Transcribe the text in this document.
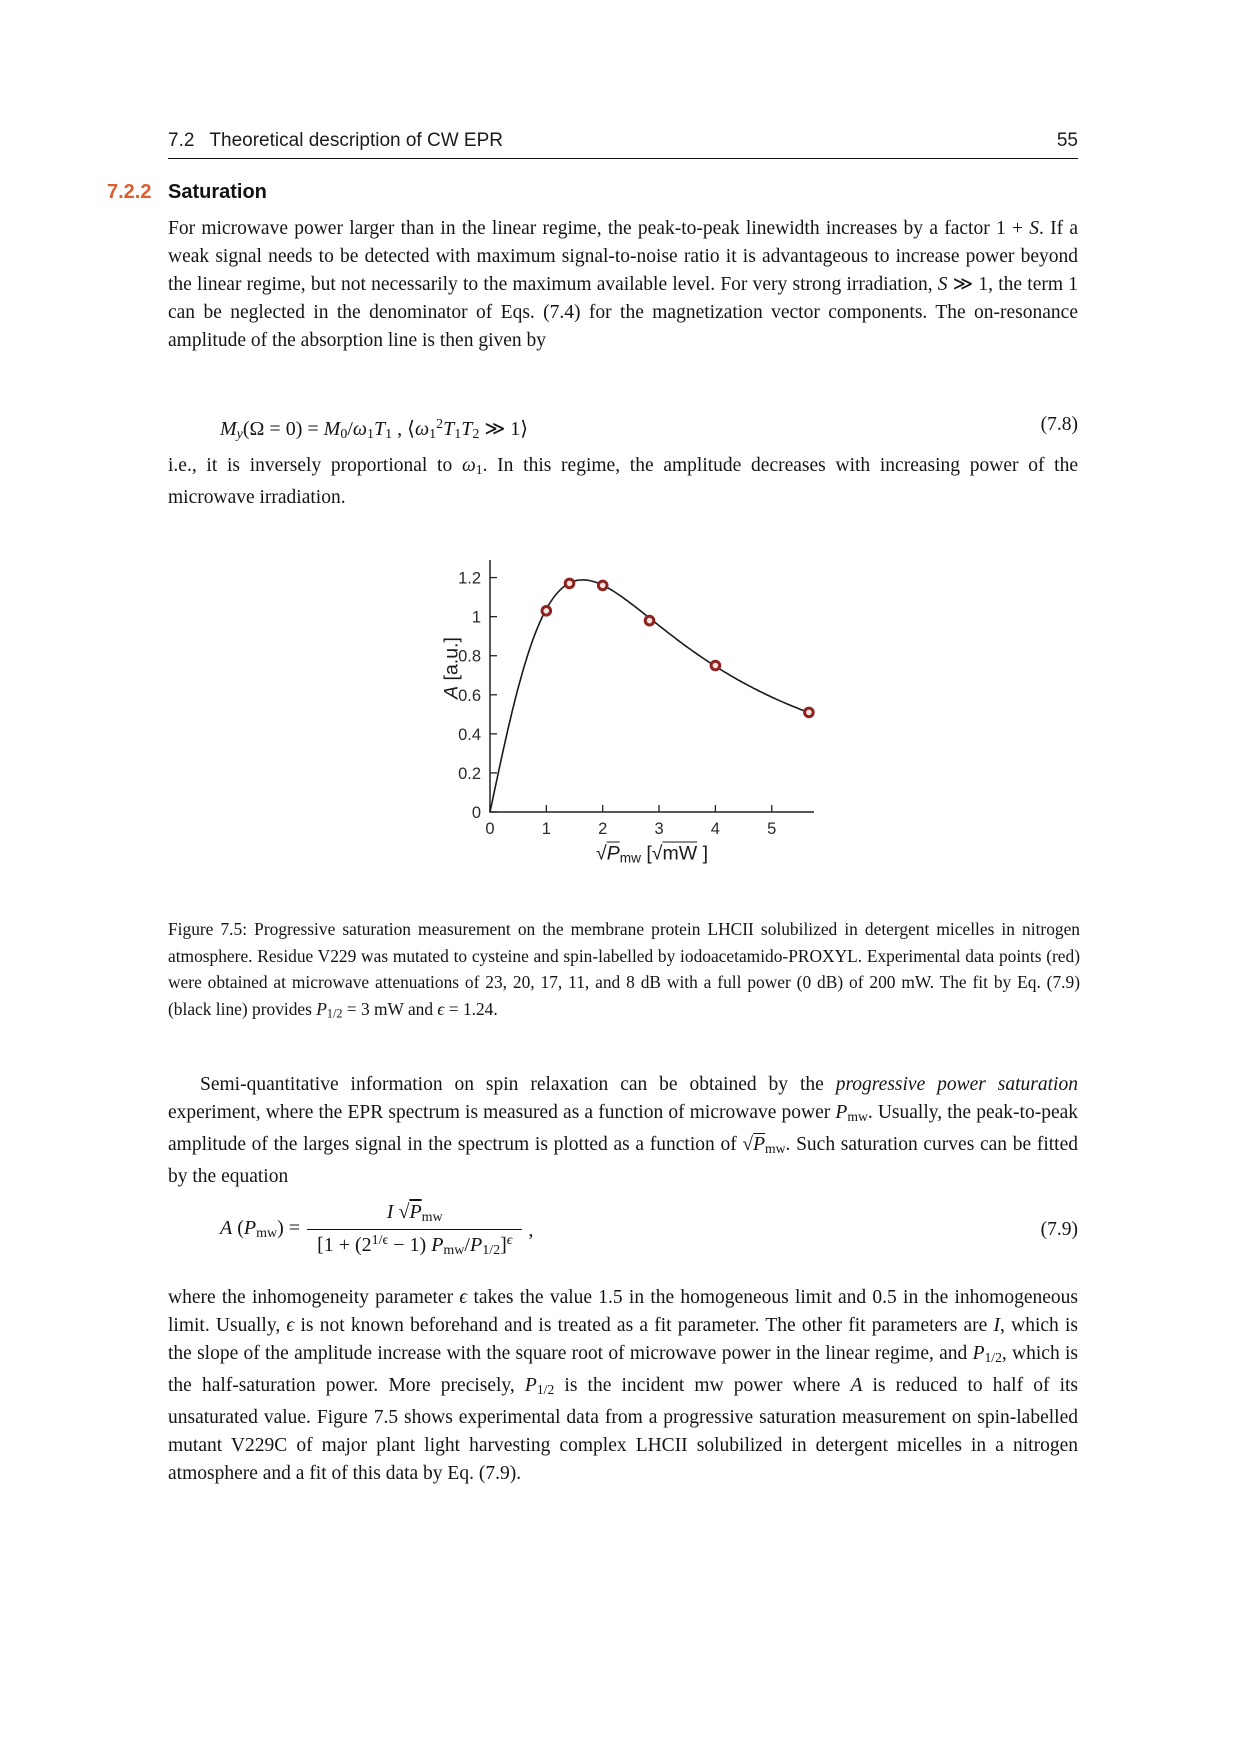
7.2 Theoretical description of CW EPR	55
7.2.2 Saturation
For microwave power larger than in the linear regime, the peak-to-peak linewidth increases by a factor 1 + S. If a weak signal needs to be detected with maximum signal-to-noise ratio it is advantageous to increase power beyond the linear regime, but not necessarily to the maximum available level. For very strong irradiation, S ≫ 1, the term 1 can be neglected in the denominator of Eqs. (7.4) for the magnetization vector components. The on-resonance amplitude of the absorption line is then given by
My(Ω = 0) = M0/ω1T1 , $⟨\omega 1^2T1T2$ ≫ 1⟩	(7.8)
i.e., it is inversely proportional to ω1. In this regime, the amplitude decreases with increasing power of the microwave irradiation.
0	1	2	3	4	5
0
0.2
0.4
0.6
0.8
1
1.2
A [a.u.]
√Pmw [√mW ]
Figure 7.5: Progressive saturation measurement on the membrane protein LHCII solubilized in detergent micelles in nitrogen atmosphere. Residue V229 was mutated to cysteine and spin-labelled by iodoacetamido-PROXYL. Experimental data points (red) were obtained at microwave attenuations of 23, 20, 17, 11, and 8 dB with a full power (0 dB) of 200 mW. The fit by Eq. (7.9) (black line) provides P1/2 = 3 mW and ϵ = 1.24.
Semi-quantitative information on spin relaxation can be obtained by the progressive power saturation experiment, where the EPR spectrum is measured as a function of microwave power Pmw. Usually, the peak-to-peak amplitude of the larges signal in the spectrum is plotted as a function of √Pmw. Such saturation curves can be fitted by the equation
A $(Pmw) = \frac{\text{I √Pmw}}{[1 + (2^{1/\epsilon} - 1) Pmw/P1/2]^\epsilon}$ ,	(7.9)
where the inhomogeneity parameter ϵ takes the value 1.5 in the homogeneous limit and 0.5 in the inhomogeneous limit. Usually, ϵ is not known beforehand and is treated as a fit parameter. The other fit parameters are I, which is the slope of the amplitude increase with the square root of microwave power in the linear regime, and P1/2, which is the half-saturation power. More precisely, P1/2 is the incident mw power where A is reduced to half of its unsaturated value. Figure 7.5 shows experimental data from a progressive saturation measurement on spin-labelled mutant V229C of major plant light harvesting complex LHCII solubilized in detergent micelles in a nitrogen atmosphere and a fit of this data by Eq. (7.9).
